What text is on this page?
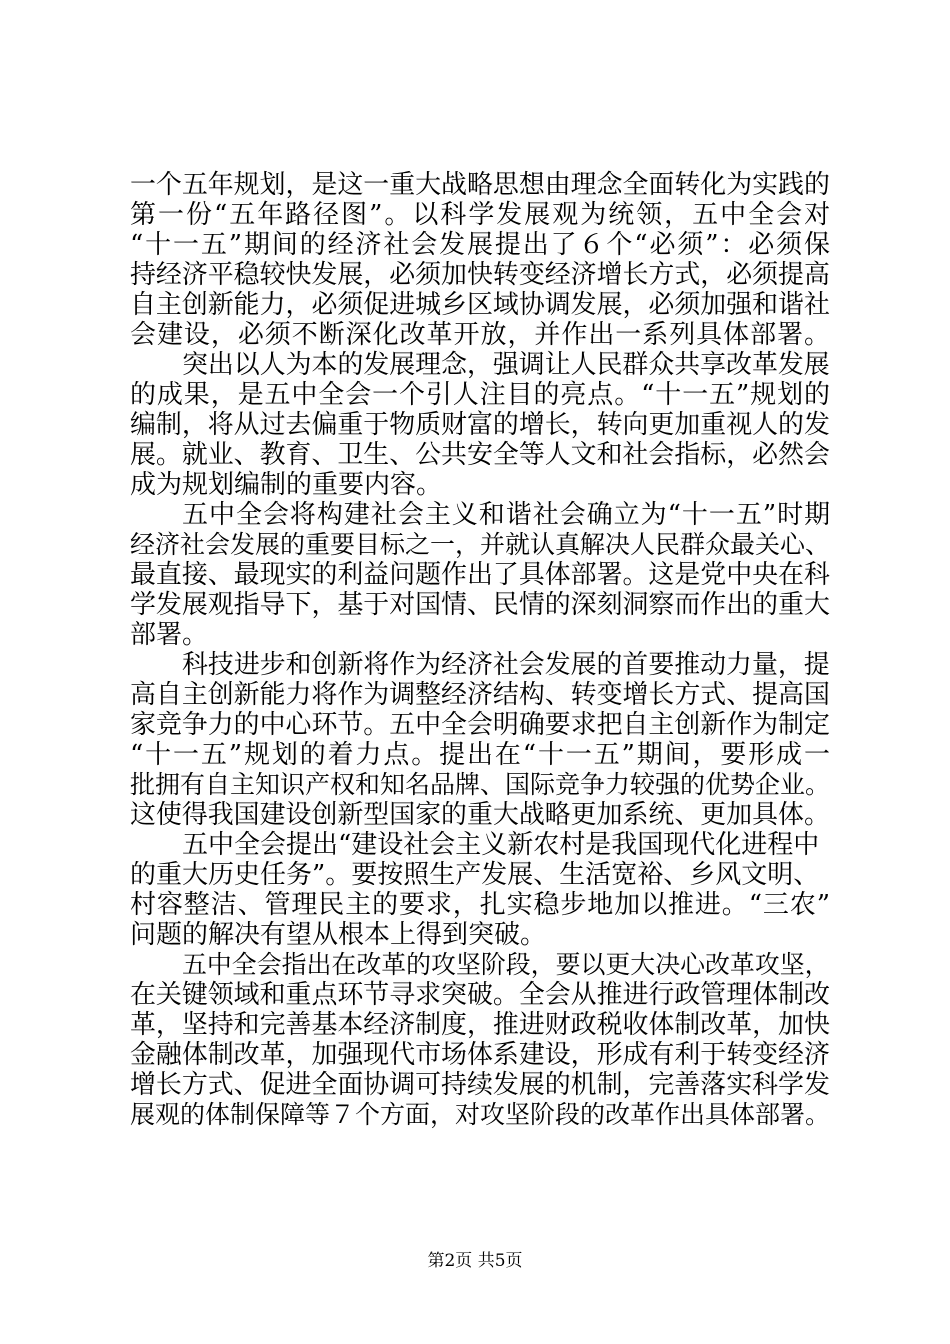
一个五年规划，是这一重大战略思想由理念全面转化为实践的
第一份“五年路径图”。以科学发展观为统领，五中全会对
“十一五”期间的经济社会发展提出了６个“必须”：必须保
持经济平稳较快发展，必须加快转变经济增长方式，必须提高
自主创新能力，必须促进城乡区域协调发展，必须加强和谐社
会建设，必须不断深化改革开放，并作出一系列具体部署。
突出以人为本的发展理念，强调让人民群众共享改革发展
的成果，是五中全会一个引人注目的亮点。“十一五”规划的
编制，将从过去偏重于物质财富的增长，转向更加重视人的发
展。就业、教育、卫生、公共安全等人文和社会指标，必然会
成为规划编制的重要内容。
五中全会将构建社会主义和谐社会确立为“十一五”时期
经济社会发展的重要目标之一，并就认真解决人民群众最关心、
最直接、最现实的利益问题作出了具体部署。这是党中央在科
学发展观指导下，基于对国情、民情的深刻洞察而作出的重大
部署。
科技进步和创新将作为经济社会发展的首要推动力量，提
高自主创新能力将作为调整经济结构、转变增长方式、提高国
家竞争力的中心环节。五中全会明确要求把自主创新作为制定
“十一五”规划的着力点。提出在“十一五”期间，要形成一
批拥有自主知识产权和知名品牌、国际竞争力较强的优势企业。
这使得我国建设创新型国家的重大战略更加系统、更加具体。
五中全会提出“建设社会主义新农村是我国现代化进程中
的重大历史任务”。要按照生产发展、生活宽裕、乡风文明、
村容整洁、管理民主的要求，扎实稳步地加以推进。“三农”
问题的解决有望从根本上得到突破。
五中全会指出在改革的攻坚阶段，要以更大决心改革攻坚，
在关键领域和重点环节寻求突破。全会从推进行政管理体制改
革，坚持和完善基本经济制度，推进财政税收体制改革，加快
金融体制改革，加强现代市场体系建设，形成有利于转变经济
增长方式、促进全面协调可持续发展的机制，完善落实科学发
展观的体制保障等７个方面，对攻坚阶段的改革作出具体部署。
第2页 共5页
